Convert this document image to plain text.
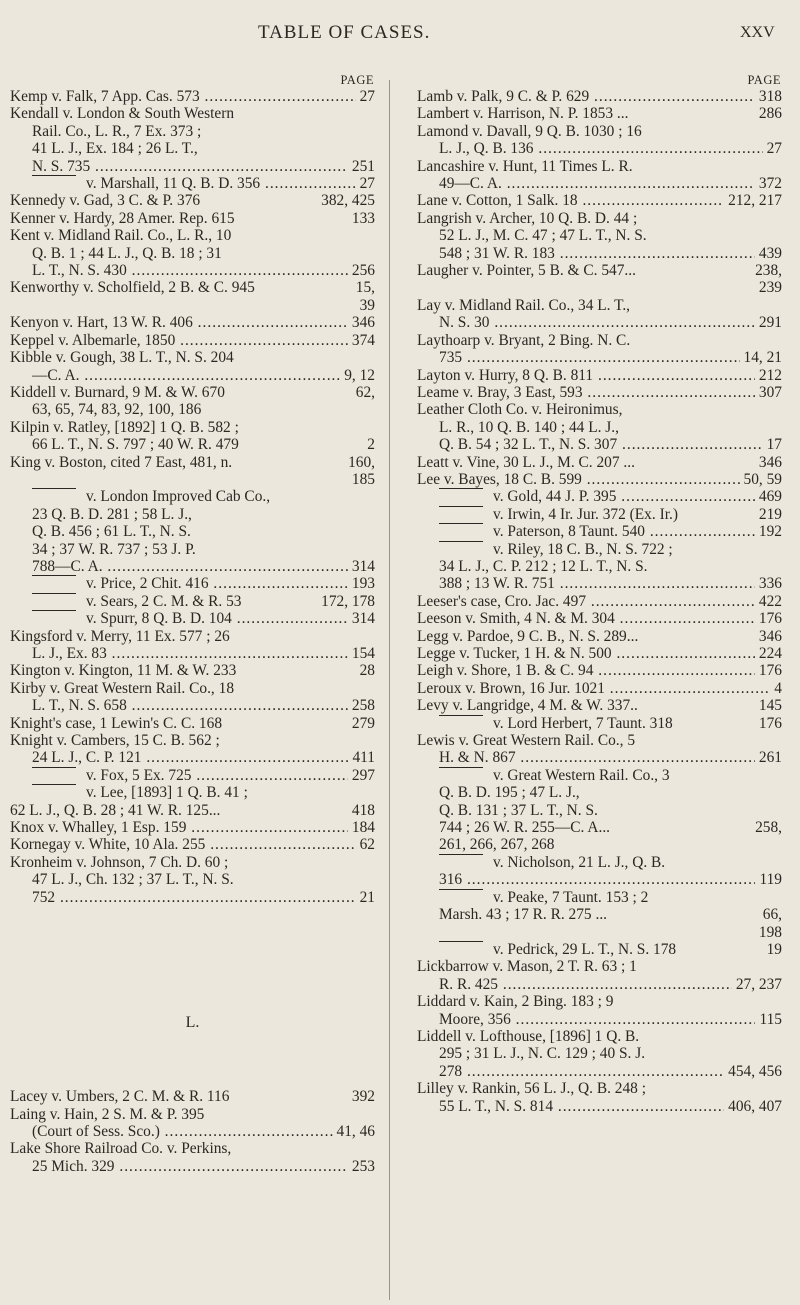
TABLE OF CASES.	XXV
PAGE
Kemp v. Falk, 7 App. Cas. 573 .....	27
Kendall v. London & South Western
Rail. Co., L. R., 7 Ex. 373 ;
41 L. J., Ex. 184 ; 26 L. T.,
N. S. 735 .....	251
v. Marshall, 11 Q. B. D. 356 .....	27
Kennedy v. Gad, 3 C. & P. 376	382, 425
Kenner v. Hardy, 28 Amer. Rep. 615	133
Kent v. Midland Rail. Co., L. R., 10
Q. B. 1 ; 44 L. J., Q. B. 18 ; 31
L. T., N. S. 430 .....	256
Kenworthy v. Scholfield, 2 B. & C. 945	15,
39
Kenyon v. Hart, 13 W. R. 406 .....	346
Keppel v. Albemarle, 1850 .....	374
Kibble v. Gough, 38 L. T., N. S. 204
—C. A. .....	9, 12
Kiddell v. Burnard, 9 M. & W. 670	62,
63, 65, 74, 83, 92, 100, 186
Kilpin v. Ratley, [1892] 1 Q. B. 582 ;
66 L. T., N. S. 797 ; 40 W. R. 479	2
King v. Boston, cited 7 East, 481, n.	160,
185
v. London Improved Cab Co.,
23 Q. B. D. 281 ; 58 L. J.,
Q. B. 456 ; 61 L. T., N. S.
34 ; 37 W. R. 737 ; 53 J. P.
788—C. A. .....	314
v. Price, 2 Chit. 416 .....	193
v. Sears, 2 C. M. & R. 53	172, 178
v. Spurr, 8 Q. B. D. 104 .....	314
Kingsford v. Merry, 11 Ex. 577 ; 26
L. J., Ex. 83 .....	154
Kington v. Kington, 11 M. & W. 233	28
Kirby v. Great Western Rail. Co., 18
L. T., N. S. 658 .....	258
Knight's case, 1 Lewin's C. C. 168	279
Knight v. Cambers, 15 C. B. 562 ;
24 L. J., C. P. 121 .....	411
v. Fox, 5 Ex. 725 .....	297
v. Lee, [1893] 1 Q. B. 41 ;
62 L. J., Q. B. 28 ; 41 W. R. 125...	418
Knox v. Whalley, 1 Esp. 159 .....	184
Kornegay v. White, 10 Ala. 255 .....	62
Kronheim v. Johnson, 7 Ch. D. 60 ;
47 L. J., Ch. 132 ; 37 L. T., N. S.
752 .....	21
L.
Lacey v. Umbers, 2 C. M. & R. 116	392
Laing v. Hain, 2 S. M. & P. 395
(Court of Sess. Sco.) .....	41, 46
Lake Shore Railroad Co. v. Perkins,
25 Mich. 329 .....	253
PAGE
Lamb v. Palk, 9 C. & P. 629 .....	318
Lambert v. Harrison, N. P. 1853 ...	286
Lamond v. Davall, 9 Q. B. 1030 ; 16
L. J., Q. B. 136 .....	27
Lancashire v. Hunt, 11 Times L. R.
49—C. A. .....	372
Lane v. Cotton, 1 Salk. 18 .....	212, 217
Langrish v. Archer, 10 Q. B. D. 44 ;
52 L. J., M. C. 47 ; 47 L. T., N. S.
548 ; 31 W. R. 183 .....	439
Laugher v. Pointer, 5 B. & C. 547...	238,
239
Lay v. Midland Rail. Co., 34 L. T.,
N. S. 30 .....	291
Laythoarp v. Bryant, 2 Bing. N. C.
735 .....	14, 21
Layton v. Hurry, 8 Q. B. 811 .....	212
Leame v. Bray, 3 East, 593 .....	307
Leather Cloth Co. v. Heironimus,
L. R., 10 Q. B. 140 ; 44 L. J.,
Q. B. 54 ; 32 L. T., N. S. 307 .....	17
Leatt v. Vine, 30 L. J., M. C. 207 ...	346
Lee v. Bayes, 18 C. B. 599 .....	50, 59
v. Gold, 44 J. P. 395 .....	469
v. Irwin, 4 Ir. Jur. 372 (Ex. Ir.)	219
v. Paterson, 8 Taunt. 540 .....	192
v. Riley, 18 C. B., N. S. 722 ;
34 L. J., C. P. 212 ; 12 L. T., N. S.
388 ; 13 W. R. 751 .....	336
Leeser's case, Cro. Jac. 497 .....	422
Leeson v. Smith, 4 N. & M. 304 .....	176
Legg v. Pardoe, 9 C. B., N. S. 289...	346
Legge v. Tucker, 1 H. & N. 500 .....	224
Leigh v. Shore, 1 B. & C. 94 .....	176
Leroux v. Brown, 16 Jur. 1021 .....	4
Levy v. Langridge, 4 M. & W. 337..	145
v. Lord Herbert, 7 Taunt. 318	176
Lewis v. Great Western Rail. Co., 5
H. & N. 867 .....	261
v. Great Western Rail. Co., 3
Q. B. D. 195 ; 47 L. J.,
Q. B. 131 ; 37 L. T., N. S.
744 ; 26 W. R. 255—C. A...	258,
261, 266, 267, 268
v. Nicholson, 21 L. J., Q. B.
316 .....	119
v. Peake, 7 Taunt. 153 ; 2
Marsh. 43 ; 17 R. R. 275 ...	66,
198
v. Pedrick, 29 L. T., N. S. 178	19
Lickbarrow v. Mason, 2 T. R. 63 ; 1
R. R. 425 .....	27, 237
Liddard v. Kain, 2 Bing. 183 ; 9
Moore, 356 .....	115
Liddell v. Lofthouse, [1896] 1 Q. B.
295 ; 31 L. J., N. C. 129 ; 40 S. J.
278 .....	454, 456
Lilley v. Rankin, 56 L. J., Q. B. 248 ;
55 L. T., N. S. 814 .....	406, 407
